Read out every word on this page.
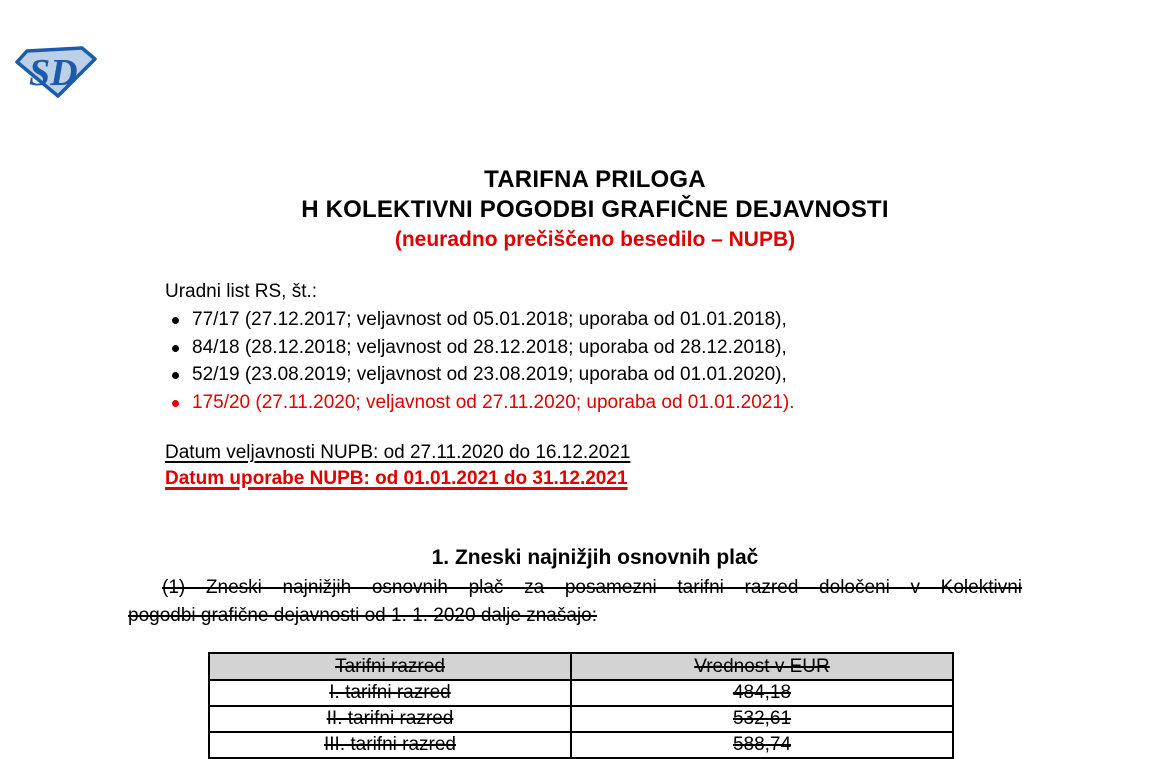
SD
TARIFNA PRILOGA
H KOLEKTIVNI POGODBI GRAFIČNE DEJAVNOSTI
(neuradno prečiščeno besedilo – NUPB)
Uradni list RS, št.:
77/17 (27.12.2017; veljavnost od 05.01.2018; uporaba od 01.01.2018),
84/18 (28.12.2018; veljavnost od 28.12.2018; uporaba od 28.12.2018),
52/19 (23.08.2019; veljavnost od 23.08.2019; uporaba od 01.01.2020),
175/20 (27.11.2020; veljavnost od 27.11.2020; uporaba od 01.01.2021).
Datum veljavnosti NUPB: od 27.11.2020 do 16.12.2021
Datum uporabe NUPB: od 01.01.2021 do 31.12.2021
1. Zneski najnižjih osnovnih plač
(1) Zneski najnižjih osnovnih plač za posamezni tarifni razred določeni v Kolektivni
pogodbi grafične dejavnosti od 1. 1. 2020 dalje znašajo:
Tarifni razred	Vrednost v EUR
I. tarifni razred	484,18
II. tarifni razred	532,61
III. tarifni razred	588,74
